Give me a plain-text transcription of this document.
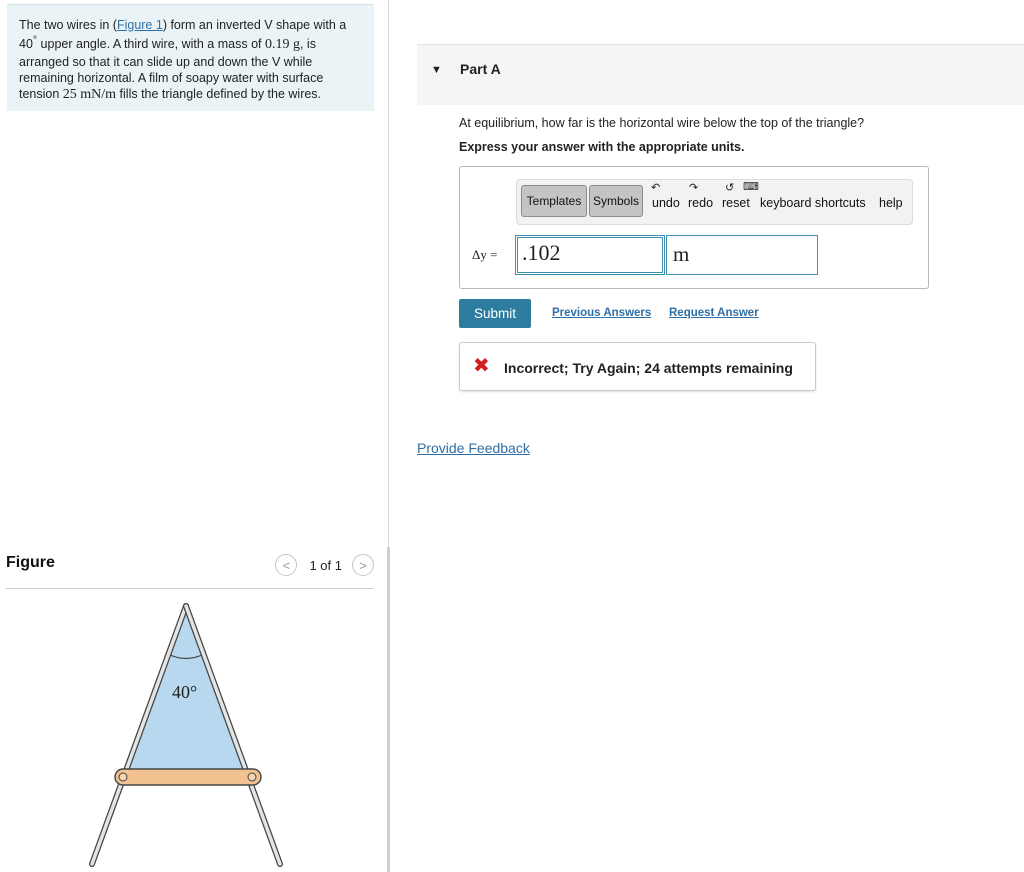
The two wires in (Figure 1) form an inverted V shape with a 40° upper angle. A third wire, with a mass of 0.19 g, is arranged so that it can slide up and down the V while remaining horizontal. A film of soapy water with surface tension 25 mN/m fills the triangle defined by the wires.
Figure	< 1 of 1 >
40°
▼ Part A
At equilibrium, how far is the horizontal wire below the top of the triangle?
Express your answer with the appropriate units.
Templates Symbols
↶
undo
↷
redo
↺
reset
⌨
keyboard shortcuts help
Δy =	.102	m
Submit	Previous Answers Request Answer
✖ Incorrect; Try Again; 24 attempts remaining
Provide Feedback
